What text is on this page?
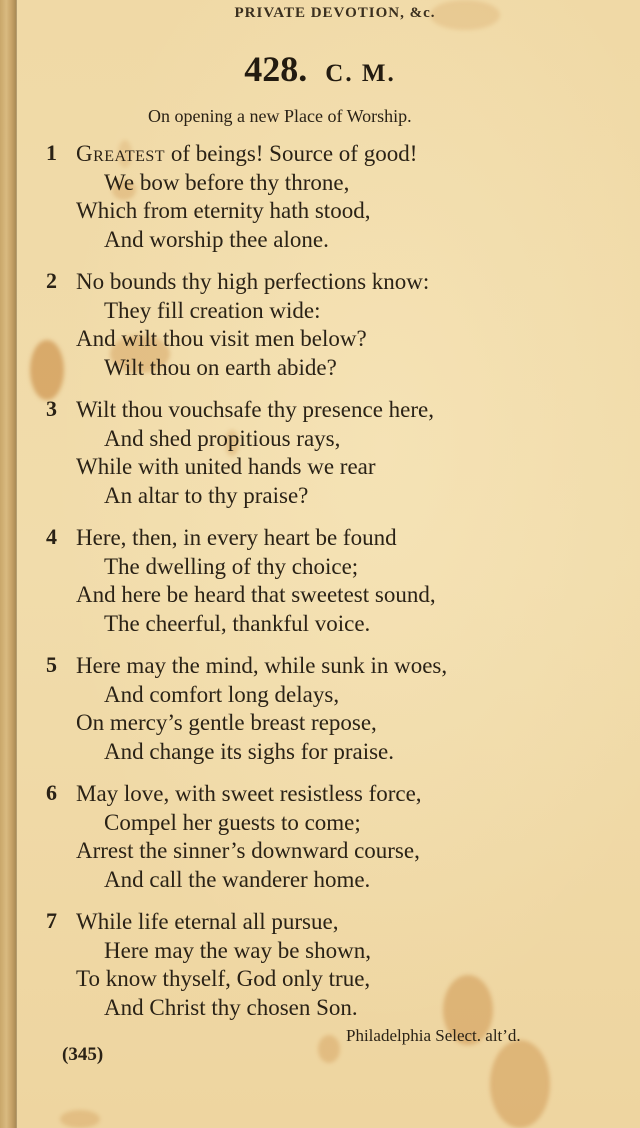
PRIVATE DEVOTION, &c.
428. C. M.
On opening a new Place of Worship.
1 Greatest of beings! Source of good!
We bow before thy throne,
Which from eternity hath stood,
And worship thee alone.
2 No bounds thy high perfections know:
They fill creation wide:
And wilt thou visit men below?
Wilt thou on earth abide?
3 Wilt thou vouchsafe thy presence here,
And shed propitious rays,
While with united hands we rear
An altar to thy praise?
4 Here, then, in every heart be found
The dwelling of thy choice;
And here be heard that sweetest sound,
The cheerful, thankful voice.
5 Here may the mind, while sunk in woes,
And comfort long delays,
On mercy’s gentle breast repose,
And change its sighs for praise.
6 May love, with sweet resistless force,
Compel her guests to come;
Arrest the sinner’s downward course,
And call the wanderer home.
7 While life eternal all pursue,
Here may the way be shown,
To know thyself, God only true,
And Christ thy chosen Son.
Philadelphia Select. alt’d.
(345)
